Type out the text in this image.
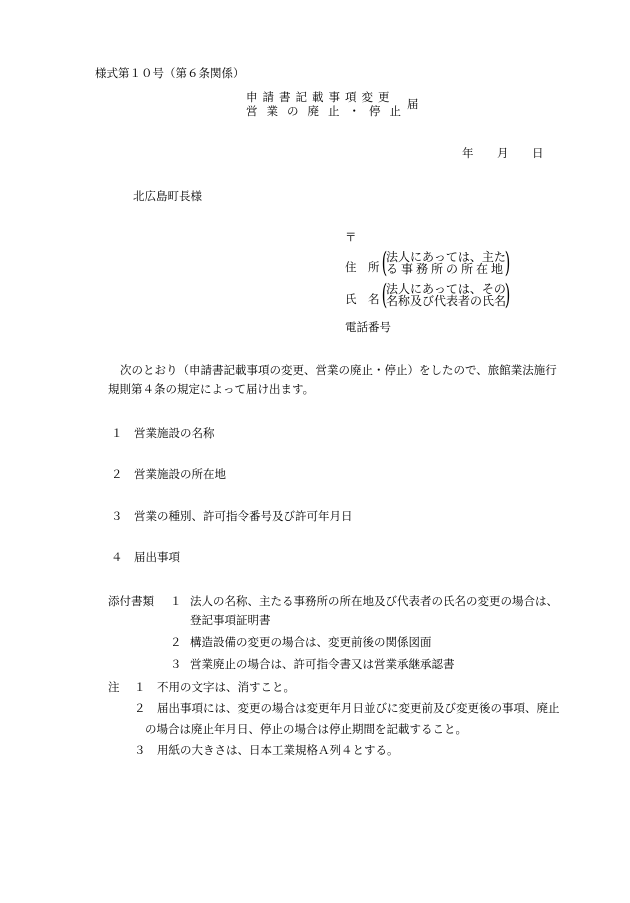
様式第１０号（第６条関係）
申請書記載事項変更
営業の廃止・停止
届
年 月 日
北広島町長様
〒
住　所 (
法人にあっては、主た
る事務所の所在地
)
氏　名 (
法人にあっては、その
名称及び代表者の氏名
)
電話番号
次のとおり（申請書記載事項の変更、営業の廃止・停止）をしたので、旅館業法施行
規則第４条の規定によって届け出ます。
１ 営業施設の名称
２ 営業施設の所在地
３ 営業の種別、許可指令番号及び許可年月日
４ 届出事項
添付書類 １ 法人の名称、主たる事務所の所在地及び代表者の氏名の変更の場合は、
登記事項証明書
２ 構造設備の変更の場合は、変更前後の関係図面
３ 営業廃止の場合は、許可指令書又は営業承継承認書
注 １ 不用の文字は、消すこと。
２ 届出事項には、変更の場合は変更年月日並びに変更前及び変更後の事項、廃止
の場合は廃止年月日、停止の場合は停止期間を記載すること。
３ 用紙の大きさは、日本工業規格Ａ列４とする。
